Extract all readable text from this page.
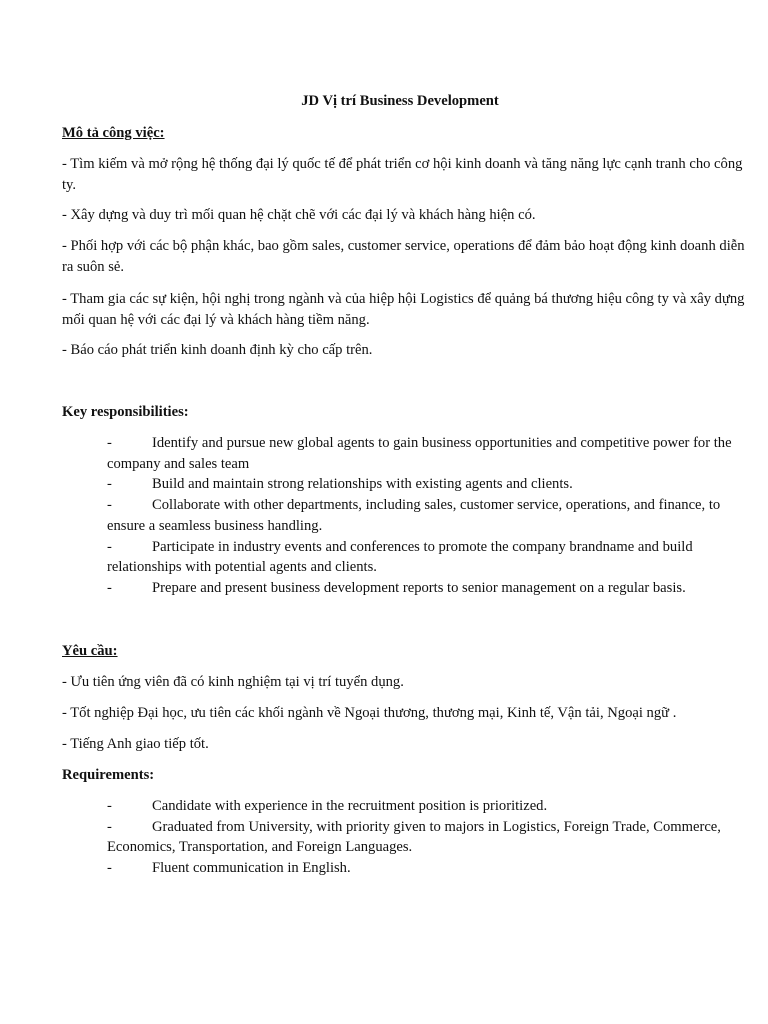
JD Vị trí Business Development
Mô tả công việc:
- Tìm kiếm và mở rộng hệ thống đại lý quốc tế để phát triển cơ hội kinh doanh và tăng năng lực cạnh tranh cho công ty.
- Xây dựng và duy trì mối quan hệ chặt chẽ với các đại lý và khách hàng hiện có.
- Phối hợp với các bộ phận khác, bao gồm sales, customer service, operations để đảm bảo hoạt động kinh doanh diễn ra suôn sẻ.
- Tham gia các sự kiện, hội nghị trong ngành và của hiệp hội Logistics để quảng bá thương hiệu công ty và xây dựng mối quan hệ với các đại lý và khách hàng tiềm năng.
- Báo cáo phát triển kinh doanh định kỳ cho cấp trên.
Key responsibilities:
-	Identify and pursue new global agents to gain business opportunities and competitive power for the company and sales team
-	Build and maintain strong relationships with existing agents and clients.
-	Collaborate with other departments, including sales, customer service, operations, and finance, to ensure a seamless business handling.
-	Participate in industry events and conferences to promote the company brandname and build relationships with potential agents and clients.
-	Prepare and present business development reports to senior management on a regular basis.
Yêu cầu:
- Ưu tiên ứng viên đã có kinh nghiệm tại vị trí tuyển dụng.
- Tốt nghiệp Đại học, ưu tiên các khối ngành về Ngoại thương, thương mại, Kinh tế, Vận tải, Ngoại ngữ .
- Tiếng Anh giao tiếp tốt.
Requirements:
-	Candidate with experience in the recruitment position is prioritized.
-	Graduated from University, with priority given to majors in Logistics, Foreign Trade, Commerce, Economics, Transportation, and Foreign Languages.
-	Fluent communication in English.
